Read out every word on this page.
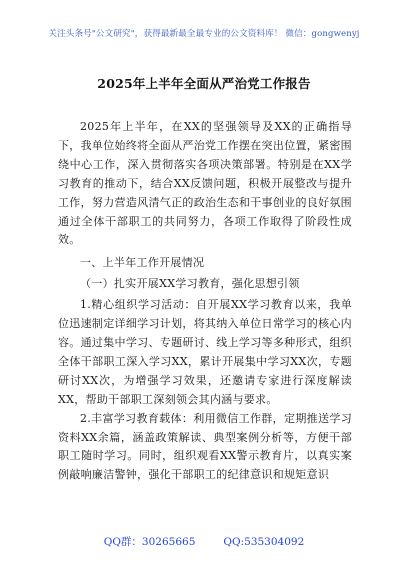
关注头条号"公文研究"，获得最新最全最专业的公文资料库！ 微信：gongwenyj
2025年上半年全面从严治党工作报告

2025年上半年，在XX的坚强领导及XX的正确指导下，我单位始终将全面从严治党工作摆在突出位置，紧密围绕中心工作，深入贯彻落实各项决策部署。特别是在XX学习教育的推动下，结合XX反馈问题，积极开展整改与提升工作，努力营造风清气正的政治生态和干事创业的良好氛围通过全体干部职工的共同努力，各项工作取得了阶段性成效。

一、上半年工作开展情况

（一）扎实开展XX学习教育，强化思想引领

1.精心组织学习活动：自开展XX学习教育以来，我单位迅速制定详细学习计划，将其纳入单位日常学习的核心内容。通过集中学习、专题研讨、线上学习等多种形式，组织全体干部职工深入学习XX，累计开展集中学习XX次，专题研讨XX次，为增强学习效果，还邀请专家进行深度解读XX，帮助干部职工深刻领会其内涵与要求。

2.丰富学习教育载体：利用微信工作群，定期推送学习资料XX余篇，涵盖政策解读、典型案例分析等，方便干部职工随时学习。同时，组织观看XX警示教育片，以真实案例敲响廉洁警钟，强化干部职工的纪律意识和规矩意识

QQ群：30265665	QQ:535304092
